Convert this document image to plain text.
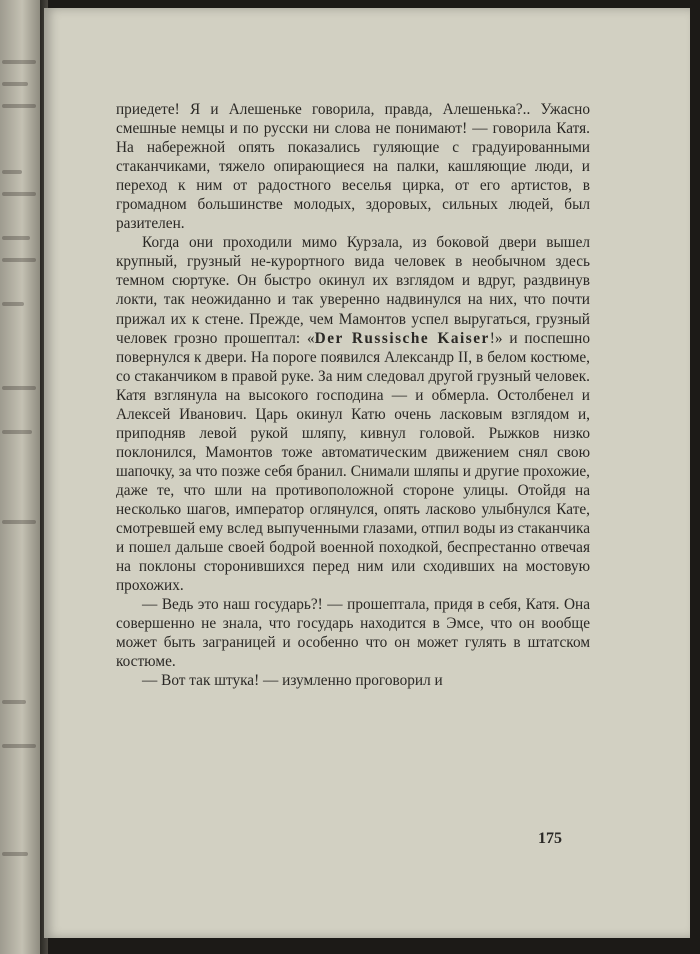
приедете! Я и Алешеньке говорила, правда, Алешенька?.. Ужасно смешные немцы и по русски ни слова не понимают! — говорила Катя. На набережной опять показались гуляющие с градуированными стаканчиками, тяжело опирающиеся на палки, кашляющие люди, и переход к ним от радостного веселья цирка, от его артистов, в громадном большинстве молодых, здоровых, сильных людей, был разителен.

Когда они проходили мимо Курзала, из боковой двери вышел крупный, грузный не-курортного вида человек в необычном здесь темном сюртуке. Он быстро окинул их взглядом и вдруг, раздвинув локти, так неожиданно и так уверенно надвинулся на них, что почти прижал их к стене. Прежде, чем Мамонтов успел выругаться, грузный человек грозно прошептал: «Der Russische Kaiser!» и поспешно повернулся к двери. На пороге появился Александр II, в белом костюме, со стаканчиком в правой руке. За ним следовал другой грузный человек. Катя взглянула на высокого господина — и обмерла. Остолбенел и Алексей Иванович. Царь окинул Катю очень ласковым взглядом и, приподняв левой рукой шляпу, кивнул головой. Рыжков низко поклонился, Мамонтов тоже автоматическим движением снял свою шапочку, за что позже себя бранил. Снимали шляпы и другие прохожие, даже те, что шли на противоположной стороне улицы. Отойдя на несколько шагов, император оглянулся, опять ласково улыбнулся Кате, смотревшей ему вслед выпученными глазами, отпил воды из стаканчика и пошел дальше своей бодрой военной походкой, беспрестанно отвечая на поклоны сторонившихся перед ним или сходивших на мостовую прохожих.

— Ведь это наш государь?! — прошептала, придя в себя, Катя. Она совершенно не знала, что государь находится в Эмсе, что он вообще может быть заграницей и особенно что он может гулять в штатском костюме.

— Вот так штука! — изумленно проговорил и

175
